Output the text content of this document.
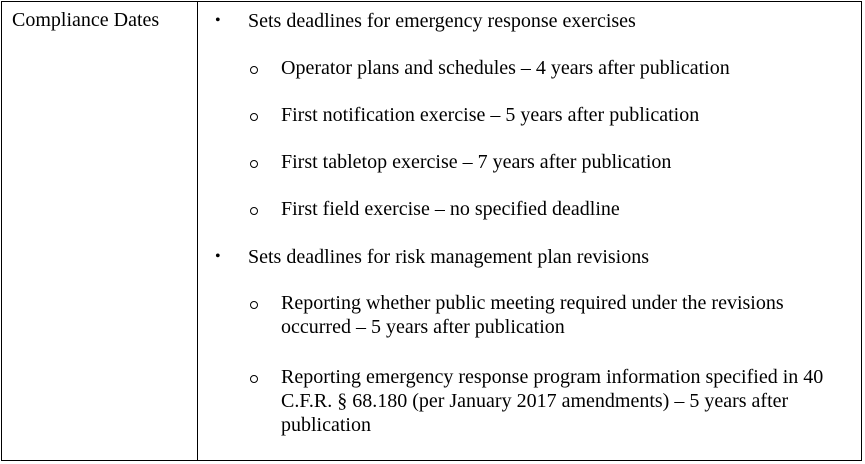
Compliance Dates	• Sets deadlines for emergency response exercises
Operator plans and schedules – 4 years after publication
First notification exercise – 5 years after publication
First tabletop exercise – 7 years after publication
First field exercise – no specified deadline
• Sets deadlines for risk management plan revisions
Reporting whether public meeting required under the revisions occurred – 5 years after publication
Reporting emergency response program information specified in 40 C.F.R. § 68.180 (per January 2017 amendments) – 5 years after publication
